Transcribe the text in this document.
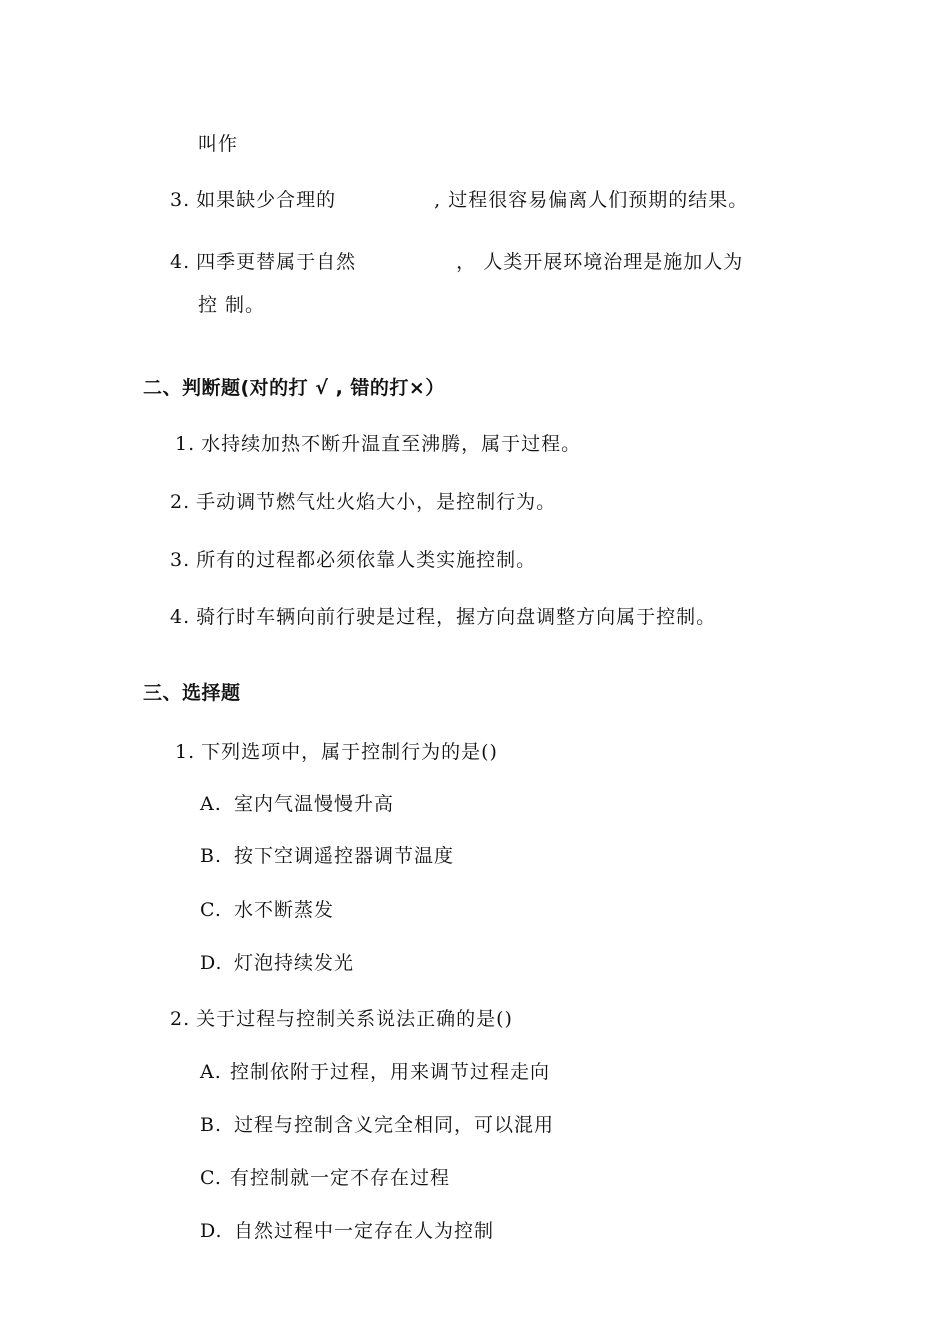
叫作
3. 如果缺少合理的	, 过程很容易偏离人们预期的结果。
4. 四季更替属于自然	， 人类开展环境治理是施加人为
控 制。
二、判断题(对的打 √ , 错的打×）
1. 水持续加热不断升温直至沸腾，属于过程。
2. 手动调节燃气灶火焰大小，是控制行为。
3. 所有的过程都必须依靠人类实施控制。
4. 骑行时车辆向前行驶是过程，握方向盘调整方向属于控制。
三、选择题
1. 下列选项中，属于控制行为的是()
A. 室内气温慢慢升高
B. 按下空调遥控器调节温度
C. 水不断蒸发
D. 灯泡持续发光
2. 关于过程与控制关系说法正确的是()
A. 控制依附于过程，用来调节过程走向
B. 过程与控制含义完全相同，可以混用
C. 有控制就一定不存在过程
D. 自然过程中一定存在人为控制
